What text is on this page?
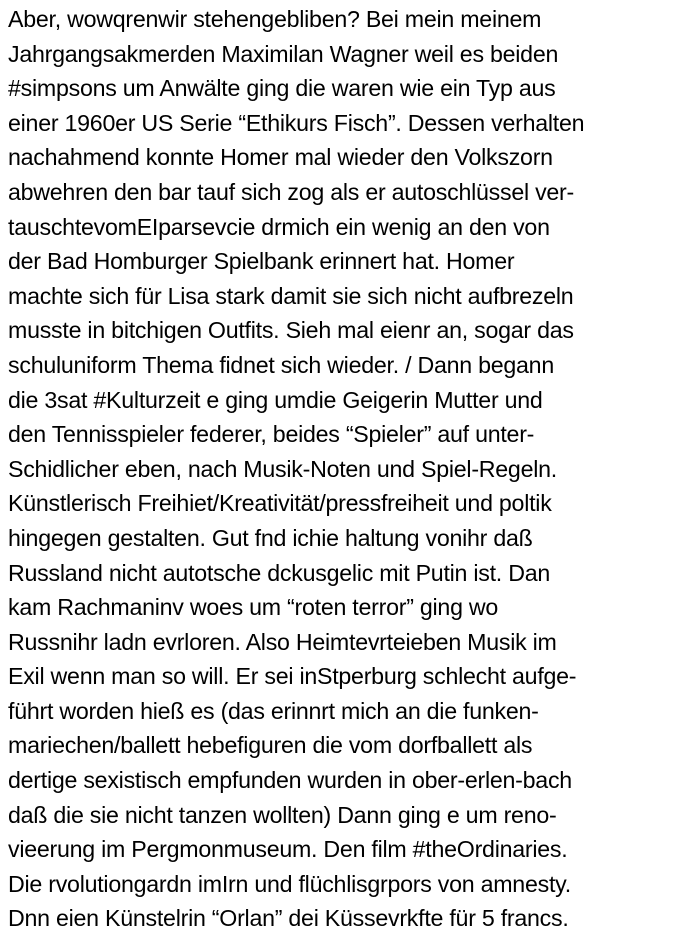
Aber, wowqrenwir stehengebliben? Bei mein meinem
Jahrgangsakmerden Maximilan Wagner weil es beiden
#simpsons um Anwälte ging die waren wie ein Typ aus
einer 1960er US Serie “Ethikurs Fisch”. Dessen verhalten
nachahmend konnte Homer mal wieder den Volkszorn
abwehren den bar tauf sich zog als er autoschlüssel ver-
tauschtevomEIparsevcie drmich ein wenig an den von
der Bad Homburger Spielbank erinnert hat. Homer
machte sich für Lisa stark damit sie sich nicht aufbrezeln
musste in bitchigen Outfits. Sieh mal eienr an, sogar das
schuluniform Thema fidnet sich wieder. / Dann begann
die 3sat #Kulturzeit e ging umdie Geigerin Mutter und
den Tennisspieler federer, beides “Spieler” auf unter-
Schidlicher eben, nach Musik-Noten und Spiel-Regeln.
Künstlerisch Freihiet/Kreativität/pressfreiheit und poltik
hingegen gestalten. Gut fnd ichie haltung vonihr daß
Russland nicht autotsche dckusgelic mit Putin ist. Dan
kam Rachmaninv woes um “roten terror” ging wo
Russnihr ladn evrloren. Also Heimtevrteieben Musik im
Exil wenn man so will. Er sei inStperburg schlecht aufge-
führt worden hieß es (das erinnrt mich an die funken-
mariechen/ballett hebefiguren die vom dorfballett als
dertige sexistisch empfunden wurden in ober-erlen-bach
daß die sie nicht tanzen wollten) Dann ging e um reno-
vieerung im Pergmonmuseum. Den film #theOrdinaries.
Die rvolutiongardn imIrn und flüchlisgrpors von amnesty.
Dnn eien Künstelrin “Orlan” dei Küssevrkfte für 5 francs.
